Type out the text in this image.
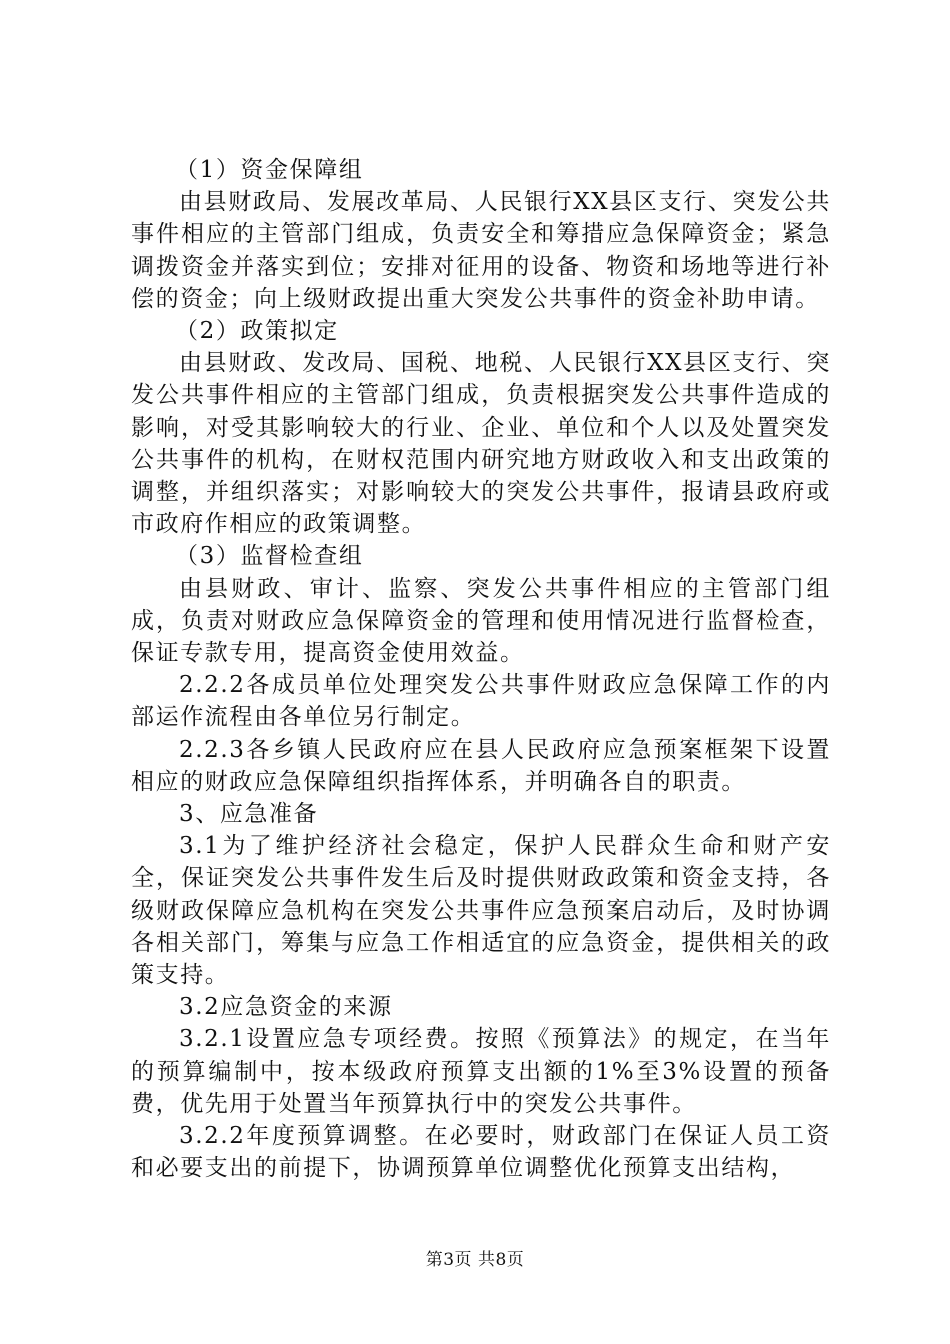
（1）资金保障组

由县财政局、发展改革局、人民银行XX县区支行、突发公共事件相应的主管部门组成，负责安全和筹措应急保障资金；紧急调拨资金并落实到位；安排对征用的设备、物资和场地等进行补偿的资金；向上级财政提出重大突发公共事件的资金补助申请。

（2）政策拟定

由县财政、发改局、国税、地税、人民银行XX县区支行、突发公共事件相应的主管部门组成，负责根据突发公共事件造成的影响，对受其影响较大的行业、企业、单位和个人以及处置突发公共事件的机构，在财权范围内研究地方财政收入和支出政策的调整，并组织落实；对影响较大的突发公共事件，报请县政府或市政府作相应的政策调整。

（3）监督检查组

由县财政、审计、监察、突发公共事件相应的主管部门组成，负责对财政应急保障资金的管理和使用情况进行监督检查，保证专款专用，提高资金使用效益。

2.2.2各成员单位处理突发公共事件财政应急保障工作的内部运作流程由各单位另行制定。

2.2.3各乡镇人民政府应在县人民政府应急预案框架下设置相应的财政应急保障组织指挥体系，并明确各自的职责。

3、应急准备

3.1为了维护经济社会稳定，保护人民群众生命和财产安全，保证突发公共事件发生后及时提供财政政策和资金支持，各级财政保障应急机构在突发公共事件应急预案启动后，及时协调各相关部门，筹集与应急工作相适宜的应急资金，提供相关的政策支持。

3.2应急资金的来源

3.2.1设置应急专项经费。按照《预算法》的规定，在当年的预算编制中，按本级政府预算支出额的1%至3%设置的预备费，优先用于处置当年预算执行中的突发公共事件。

3.2.2年度预算调整。在必要时，财政部门在保证人员工资和必要支出的前提下，协调预算单位调整优化预算支出结构，

第3页 共8页
